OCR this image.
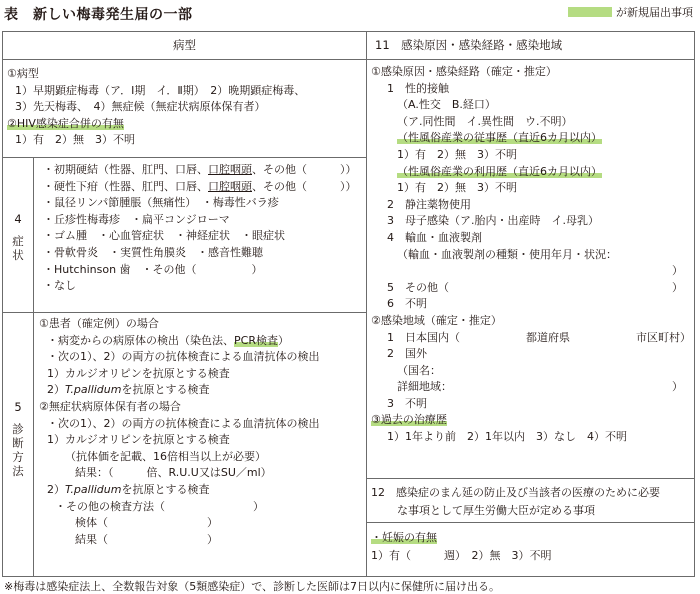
表　新しい梅毒発生届の一部	が新規届出事項
病型	11　感染原因・感染経路・感染地域
①病型
1）早期顕症梅毒（ア．Ⅰ期　イ．Ⅱ期）　2）晩期顕症梅毒、
3）先天梅毒、　4）無症候（無症状病原体保有者）
②HIV感染症合併の有無
1）有　2）無　3）不明
4
症状
・初期硬結（性器、肛門、口唇、口腔咽頭、その他（　　　））
・硬性下疳（性器、肛門、口唇、口腔咽頭、その他（　　　））
・鼠径リンパ節腫脹（無痛性）　・梅毒性バラ疹
・丘疹性梅毒疹　・扁平コンジローマ
・ゴム腫　・心血管症状　・神経症状　・眼症状
・骨軟骨炎　・実質性角膜炎　・感音性難聴
・Hutchinson 歯　・その他（　　　　　）
・なし
5
診断方法
①患者（確定例）の場合
・病変からの病原体の検出（染色法、PCR検査）
・次の1）、2）の両方の抗体検査による血清抗体の検出
1）カルジオリピンを抗原とする検査
2）T.pallidumを抗原とする検査
②無症状病原体保有者の場合
・次の1）、2）の両方の抗体検査による血清抗体の検出
1）カルジオリピンを抗原とする検査
（抗体価を記載、16倍相当以上が必要）
結果：（　　　倍、R.U.U又はSU／ml）
2）T.pallidumを抗原とする検査
・その他の検査方法（　　　　　　　　）
検体（　　　　　　　　　）
結果（　　　　　　　　　）
①感染原因・感染経路（確定・推定）
1　性的接触
（A.性交　B.経口）
（ア.同性間　イ.異性間　ウ.不明）
（性風俗産業の従事歴（直近6カ月以内）
1）有　2）無　3）不明
（性風俗産業の利用歴（直近6カ月以内）
1）有　2）無　3）不明
2　静注薬物使用
3　母子感染（ア.胎内・出産時　イ.母乳）
4　輸血・血液製剤
（輸血・血液製剤の種類・使用年月・状況：
）
5　その他（	）
6　不明
②感染地域（確定・推定）
1　日本国内（　　　　　　都道府県　　　　　　市区町村）
2　国外
（国名：
詳細地域：	）
3　不明
③過去の治療歴
1）1年より前　2）1年以内　3）なし　4）不明
12　感染症のまん延の防止及び当該者の医療のために必要
な事項として厚生労働大臣が定める事項
・妊娠の有無
1）有（　　　週）　2）無　3）不明
※梅毒は感染症法上、全数報告対象（5類感染症）で、診断した医師は7日以内に保健所に届け出る。
